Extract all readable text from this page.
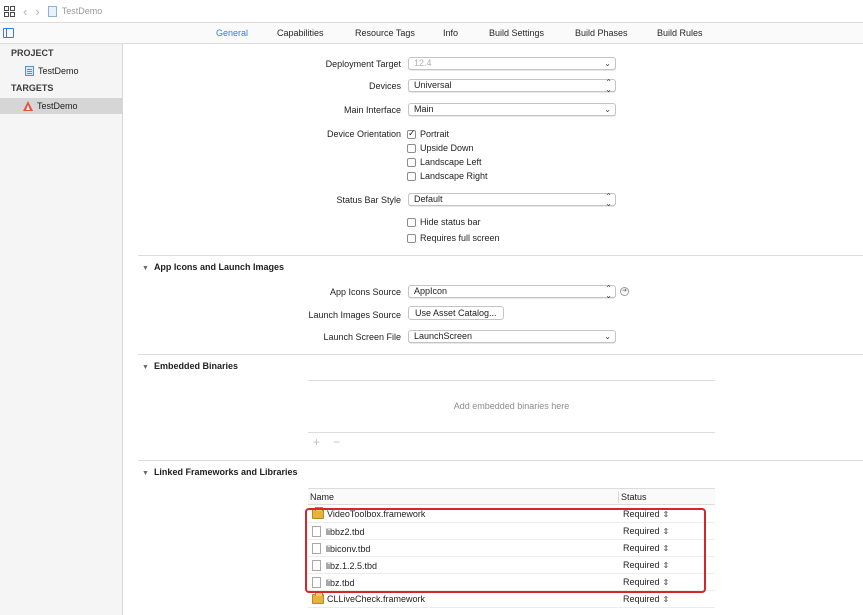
‹ › TestDemo
General	Capabilities	Resource Tags	Info	Build Settings	Build Phases	Build Rules
PROJECT
TestDemo
TARGETS
TestDemo
Deployment Target	12.4	⌄
Devices	Universal	⌃
⌄
Main Interface	Main	⌄
Device Orientation
✓ Portrait
Upside Down
Landscape Left
Landscape Right
Status Bar Style	Default	⌃
⌄
Hide status bar
Requires full screen
▼ App Icons and Launch Images
App Icons Source	AppIcon	⌃
⌄	➔
Launch Images Source	Use Asset Catalog...
Launch Screen File	LaunchScreen	⌄
▼ Embedded Binaries
Add embedded binaries here
+ −
▼ Linked Frameworks and Libraries
Name	Status
VideoToolbox.framework	Required ⇕
libbz2.tbd	Required ⇕
libiconv.tbd	Required ⇕
libz.1.2.5.tbd	Required ⇕
libz.tbd	Required ⇕
CLLiveCheck.framework	Required ⇕
